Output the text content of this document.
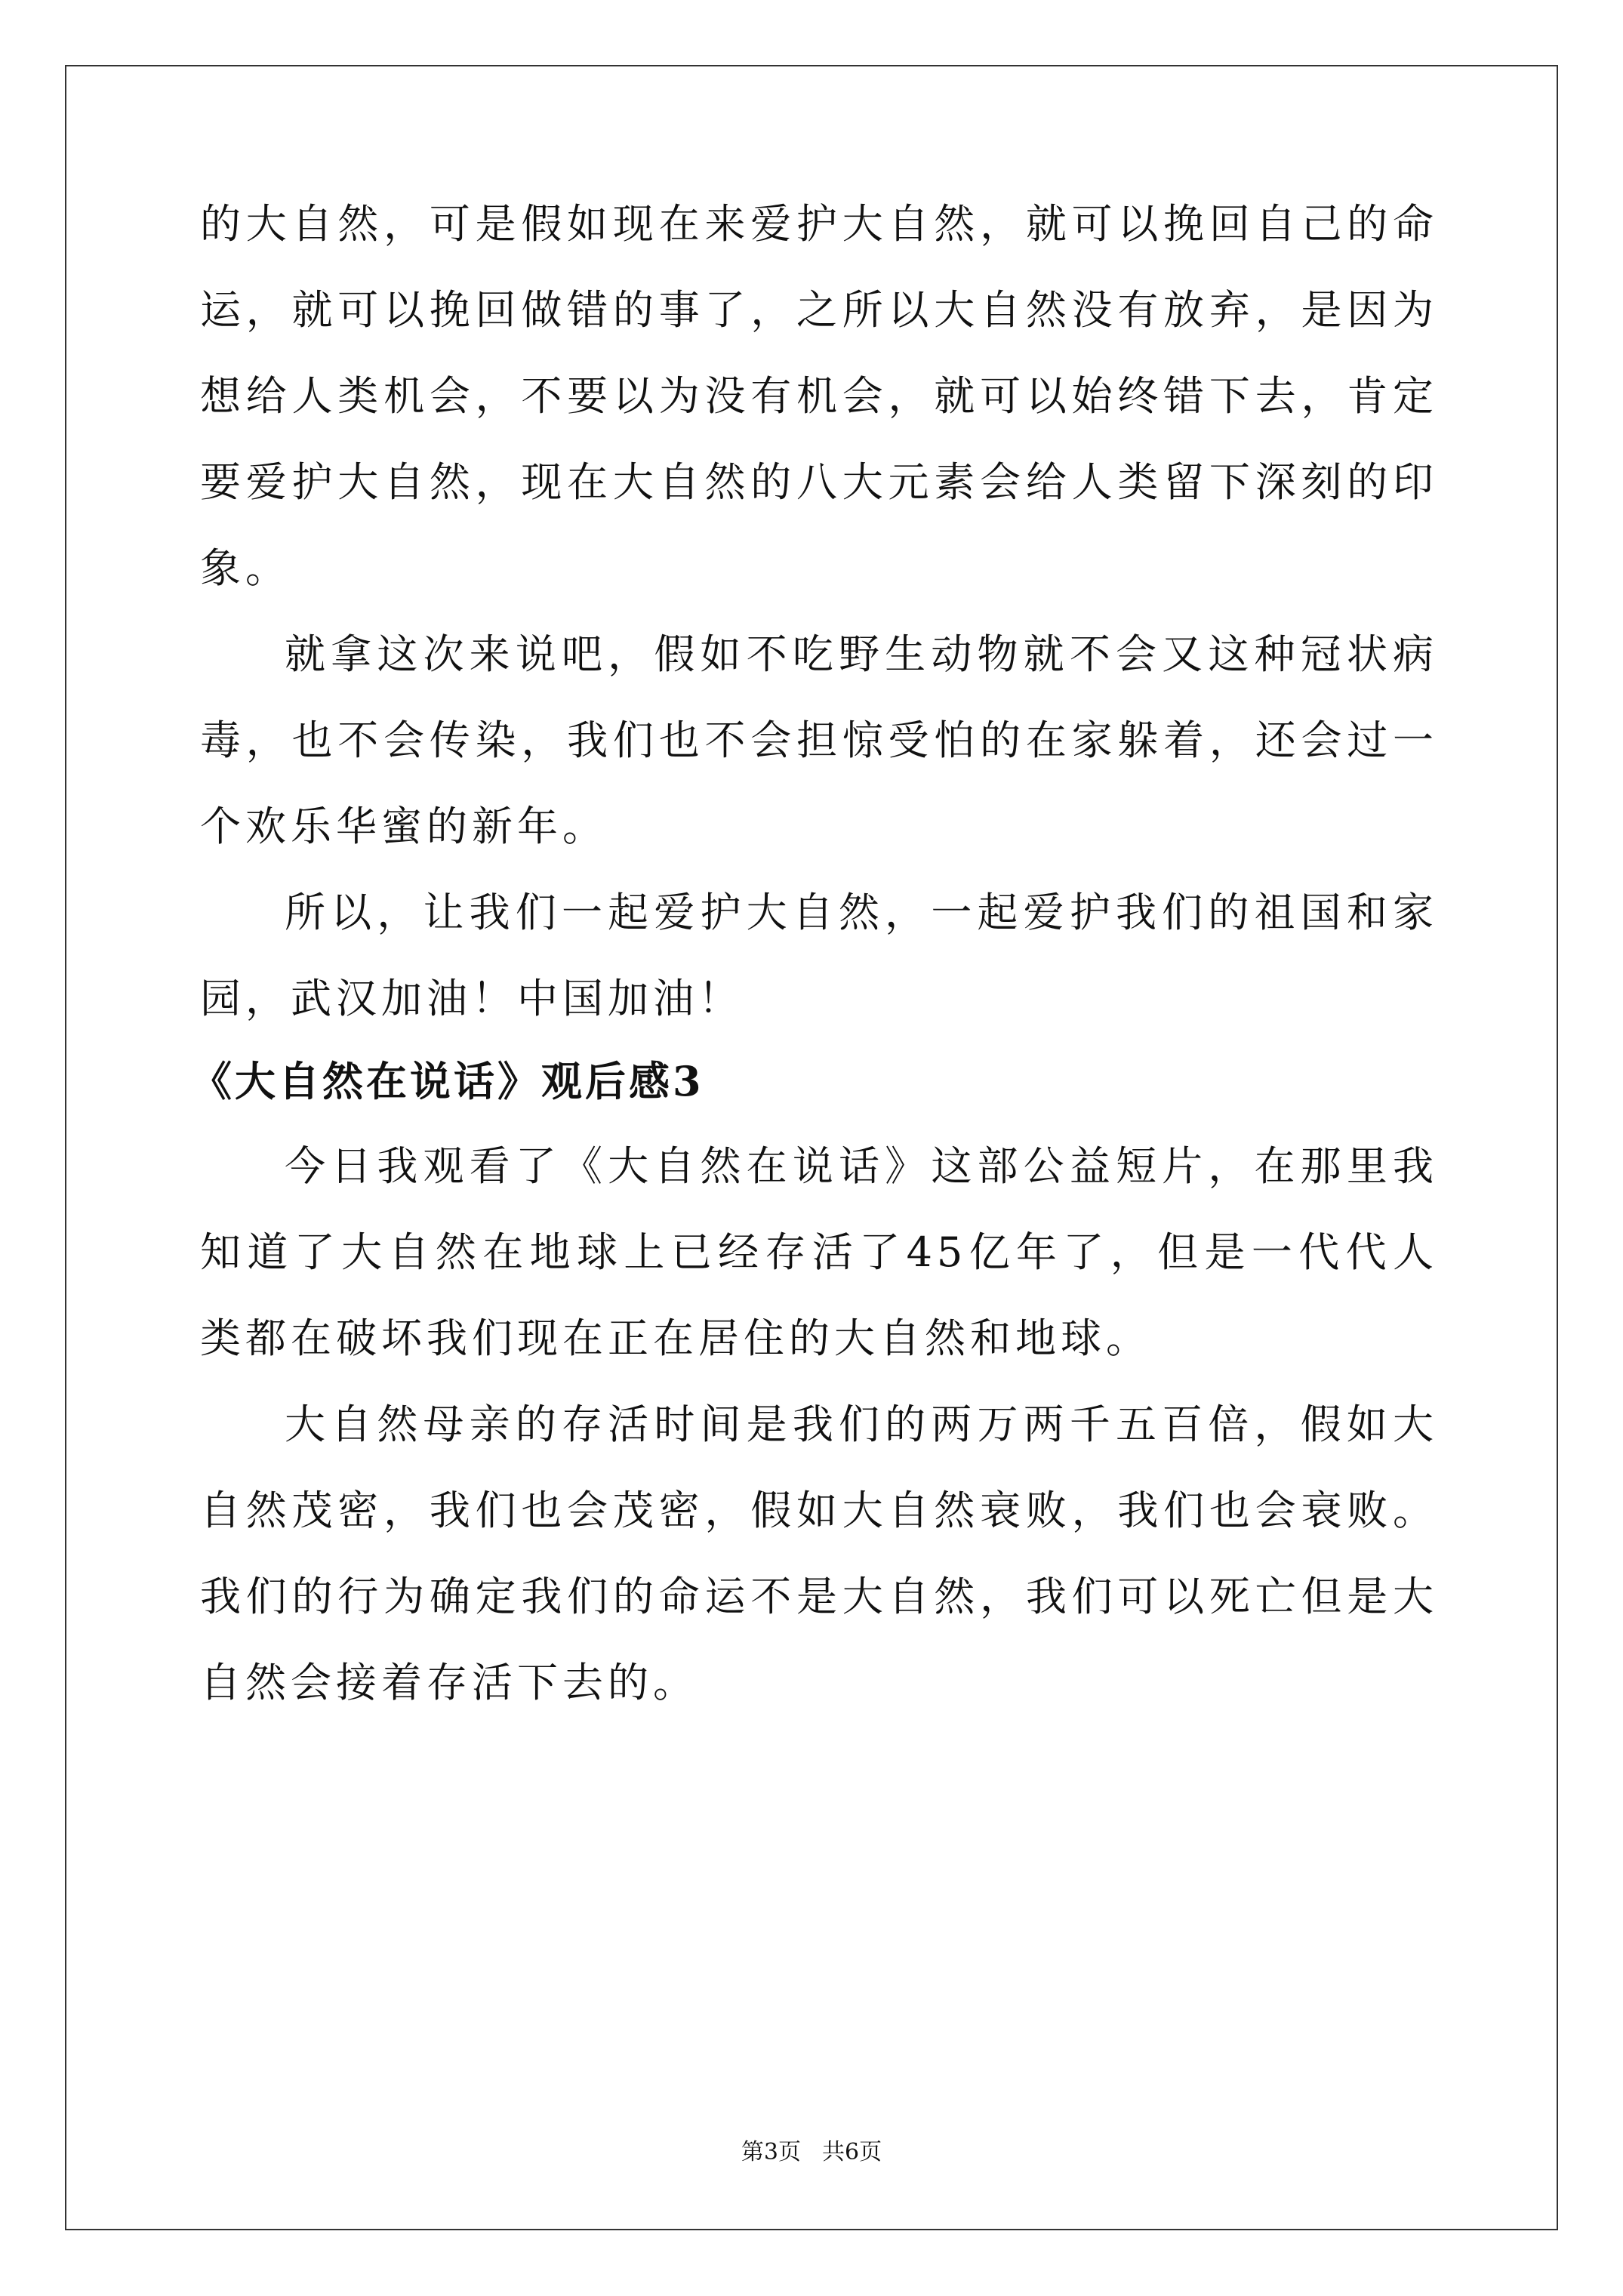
的大自然，可是假如现在来爱护大自然，就可以挽回自己的命运，就可以挽回做错的事了，之所以大自然没有放弃，是因为想给人类机会，不要以为没有机会，就可以始终错下去，肯定要爱护大自然，现在大自然的八大元素会给人类留下深刻的印象。

就拿这次来说吧，假如不吃野生动物就不会又这种冠状病毒，也不会传染，我们也不会担惊受怕的在家躲着，还会过一个欢乐华蜜的新年。

所以，让我们一起爱护大自然，一起爱护我们的祖国和家园，武汉加油！中国加油！

《大自然在说话》观后感3

今日我观看了《大自然在说话》这部公益短片，在那里我知道了大自然在地球上已经存活了45亿年了，但是一代代人类都在破坏我们现在正在居住的大自然和地球。

大自然母亲的存活时间是我们的两万两千五百倍，假如大自然茂密，我们也会茂密，假如大自然衰败，我们也会衰败。我们的行为确定我们的命运不是大自然，我们可以死亡但是大自然会接着存活下去的。

第3页 共6页
